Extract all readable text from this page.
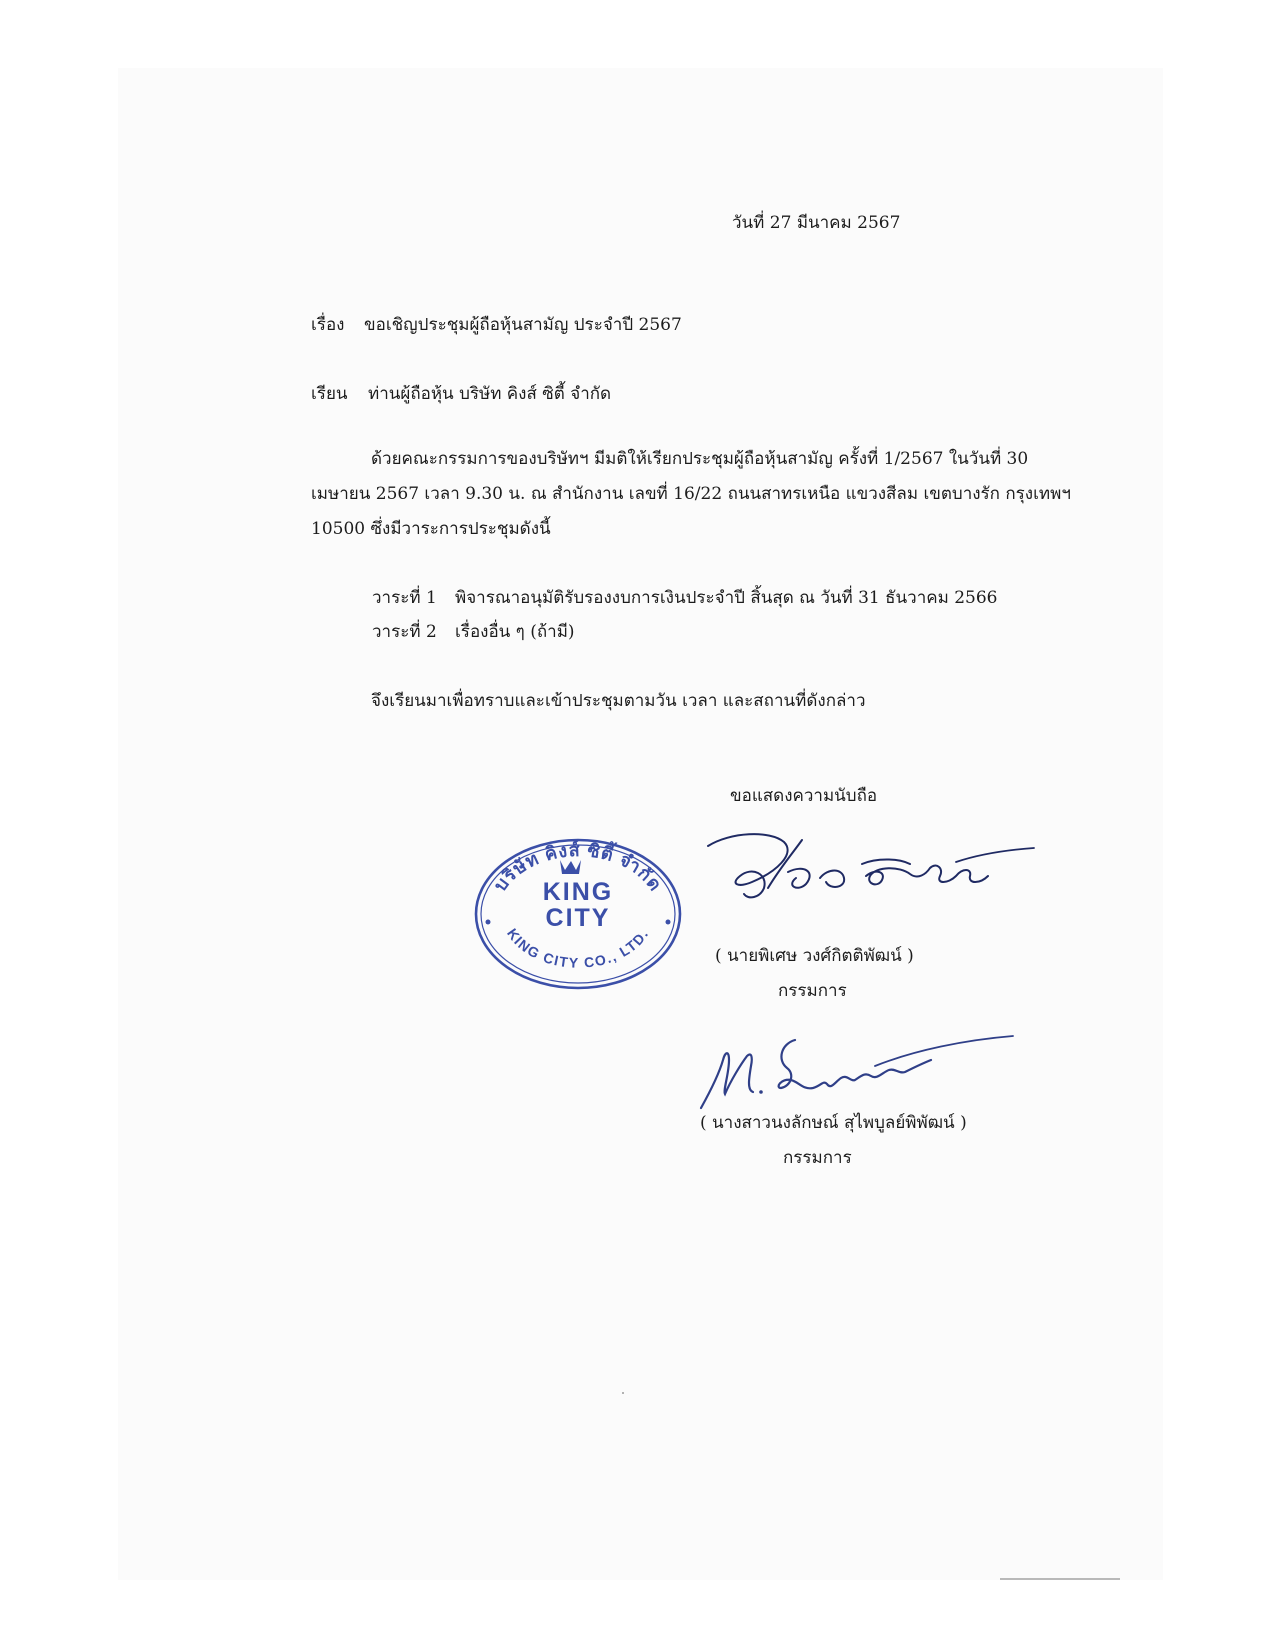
วันที่ 27 มีนาคม 2567
เรื่อง ขอเชิญประชุมผู้ถือหุ้นสามัญ ประจำปี 2567
เรียน ท่านผู้ถือหุ้น บริษัท คิงส์ ซิตี้ จำกัด
ด้วยคณะกรรมการของบริษัทฯ มีมติให้เรียกประชุมผู้ถือหุ้นสามัญ ครั้งที่ 1/2567 ในวันที่ 30
เมษายน 2567 เวลา 9.30 น. ณ สำนักงาน เลขที่ 16/22 ถนนสาทรเหนือ แขวงสีลม เขตบางรัก กรุงเทพฯ
10500 ซึ่งมีวาระการประชุมดังนี้
วาระที่ 1 พิจารณาอนุมัติรับรองงบการเงินประจำปี สิ้นสุด ณ วันที่ 31 ธันวาคม 2566
วาระที่ 2 เรื่องอื่น ๆ (ถ้ามี)
จึงเรียนมาเพื่อทราบและเข้าประชุมตามวัน เวลา และสถานที่ดังกล่าว
ขอแสดงความนับถือ
บริษัท คิงส์ ซิตี้ จำกัด
KING CITY CO., LTD.
KING
CITY
( นายพิเศษ วงศ์กิตติพัฒน์ )
กรรมการ
( นางสาวนงลักษณ์ สุไพบูลย์พิพัฒน์ )
กรรมการ
